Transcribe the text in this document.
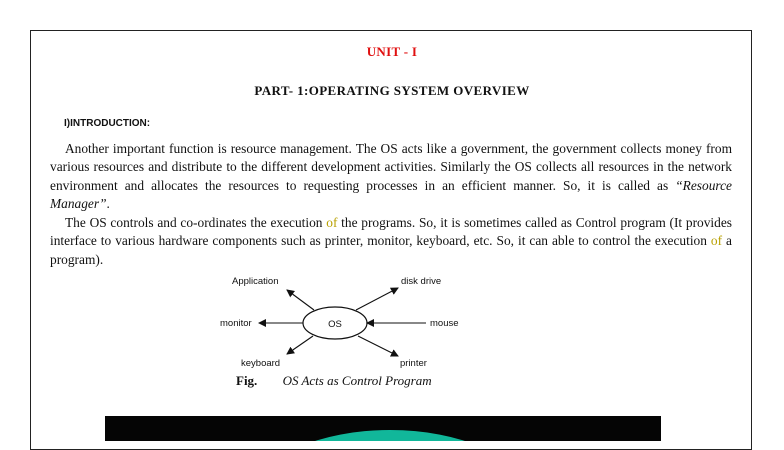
UNIT - I
PART- 1:OPERATING SYSTEM OVERVIEW
I)INTRODUCTION:

Another important function is resource management. The OS acts like a government, the government collects money from various resources and distribute to the different development activities. Similarly the OS collects all resources in the network environment and allocates the resources to requesting processes in an efficient manner. So, it is called as “Resource Manager”.

The OS controls and co-ordinates the execution of the programs. So, it is sometimes called as Control program (It provides interface to various hardware components such as printer, monitor, keyboard, etc. So, it can able to control the execution of a program).

OS
Application	disk drive
monitor	mouse
keyboard	printer
Fig. OS Acts as Control Program
